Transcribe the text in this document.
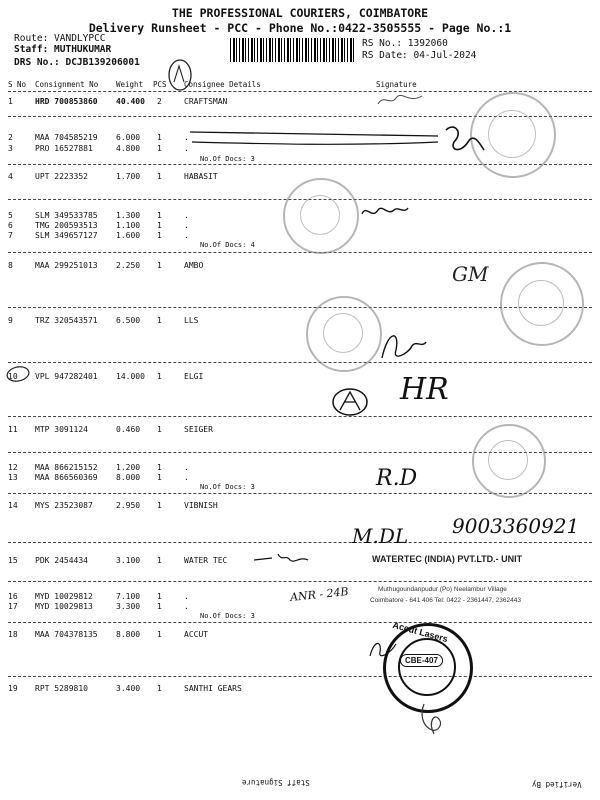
THE PROFESSIONAL COURIERS, COIMBATORE
Delivery Runsheet - PCC - Phone No.:0422-3505555 - Page No.:1
Route: VANDLYPCC
Staff: MUTHUKUMAR
DRS No.: DCJB139206001
RS No.: 1392060
RS Date: 04-Jul-2024
S No Consignment No Weight PCS Consignee Details	Signature
1	HRD 700853860 40.400 2	CRAFTSMAN
2	MAA 704585219 6.000 1	.
3	PRO 16527881	4.800 1	.
No.Of Docs: 3
4	UPT 2223352	1.700 1	HABASIT
5	SLM 349533785 1.300 1	.
6	TMG 200593513 1.100 1	.
7	SLM 349657127 1.600 1	.
No.Of Docs: 4
8	MAA 299251013 2.250 1	AMBO
9	TRZ 320543571 6.500 1	LLS
10 VPL 947282401 14.000 1	ELGI
11 MTP 3091124	0.460 1	SEIGER
12 MAA 866215152 1.200 1	.
13 MAA 866560369 8.000 1	.
No.Of Docs: 3
14 MYS 23523087	2.950 1	VIBNISH
15 PDK 2454434	3.100 1	WATER TEC
16 MYD 10029812	7.100 1	.
17 MYD 10029813	3.300 1	.
No.Of Docs: 3
18 MAA 704378135 8.800 1	ACCUT
19 RPT 5289810	3.400 1	SANTHI GEARS
Accut Lasers
CBE-407
WATERTEC (INDIA) PVT.LTD.- UNIT
Muthugoundanpudur (Po) Neelambur Village
Coimbatore - 641 406 Tel: 0422 - 2361447, 2362443
GM
HR
R.D
M.DL 9003360921
ANR - 24B
Staff Signature	Verified By
